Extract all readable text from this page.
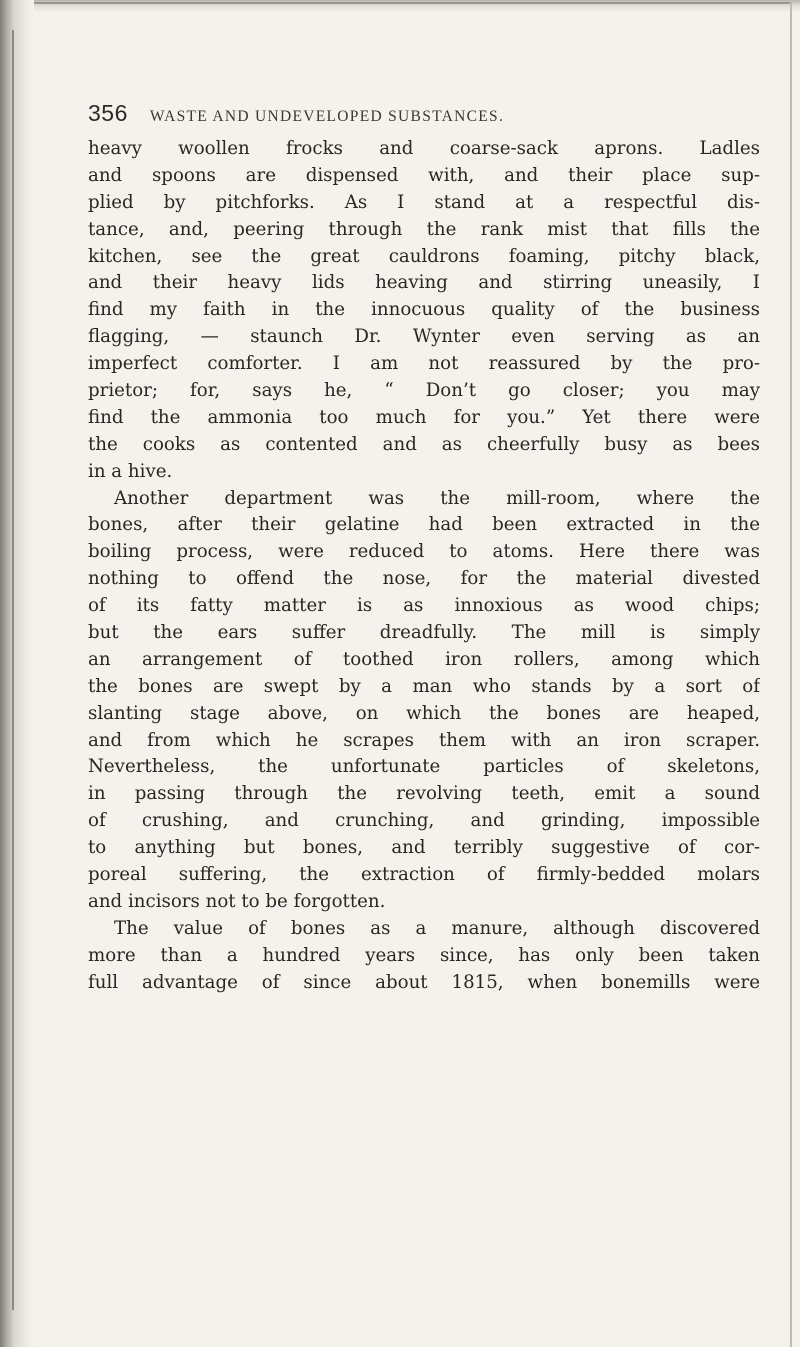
356 WASTE AND UNDEVELOPED SUBSTANCES.
heavy woollen frocks and coarse-sack aprons. Ladles
and spoons are dispensed with, and their place sup-
plied by pitchforks. As I stand at a respectful dis-
tance, and, peering through the rank mist that fills the
kitchen, see the great cauldrons foaming, pitchy black,
and their heavy lids heaving and stirring uneasily, I
find my faith in the innocuous quality of the business
flagging, — staunch Dr. Wynter even serving as an
imperfect comforter. I am not reassured by the pro-
prietor; for, says he, “ Don’t go closer; you may
find the ammonia too much for you.” Yet there were
the cooks as contented and as cheerfully busy as bees
in a hive.
Another department was the mill-room, where the
bones, after their gelatine had been extracted in the
boiling process, were reduced to atoms. Here there was
nothing to offend the nose, for the material divested
of its fatty matter is as innoxious as wood chips;
but the ears suffer dreadfully. The mill is simply
an arrangement of toothed iron rollers, among which
the bones are swept by a man who stands by a sort of
slanting stage above, on which the bones are heaped,
and from which he scrapes them with an iron scraper.
Nevertheless, the unfortunate particles of skeletons,
in passing through the revolving teeth, emit a sound
of crushing, and crunching, and grinding, impossible
to anything but bones, and terribly suggestive of cor-
poreal suffering, the extraction of firmly-bedded molars
and incisors not to be forgotten.
The value of bones as a manure, although discovered
more than a hundred years since, has only been taken
full advantage of since about 1815, when bonemills were
